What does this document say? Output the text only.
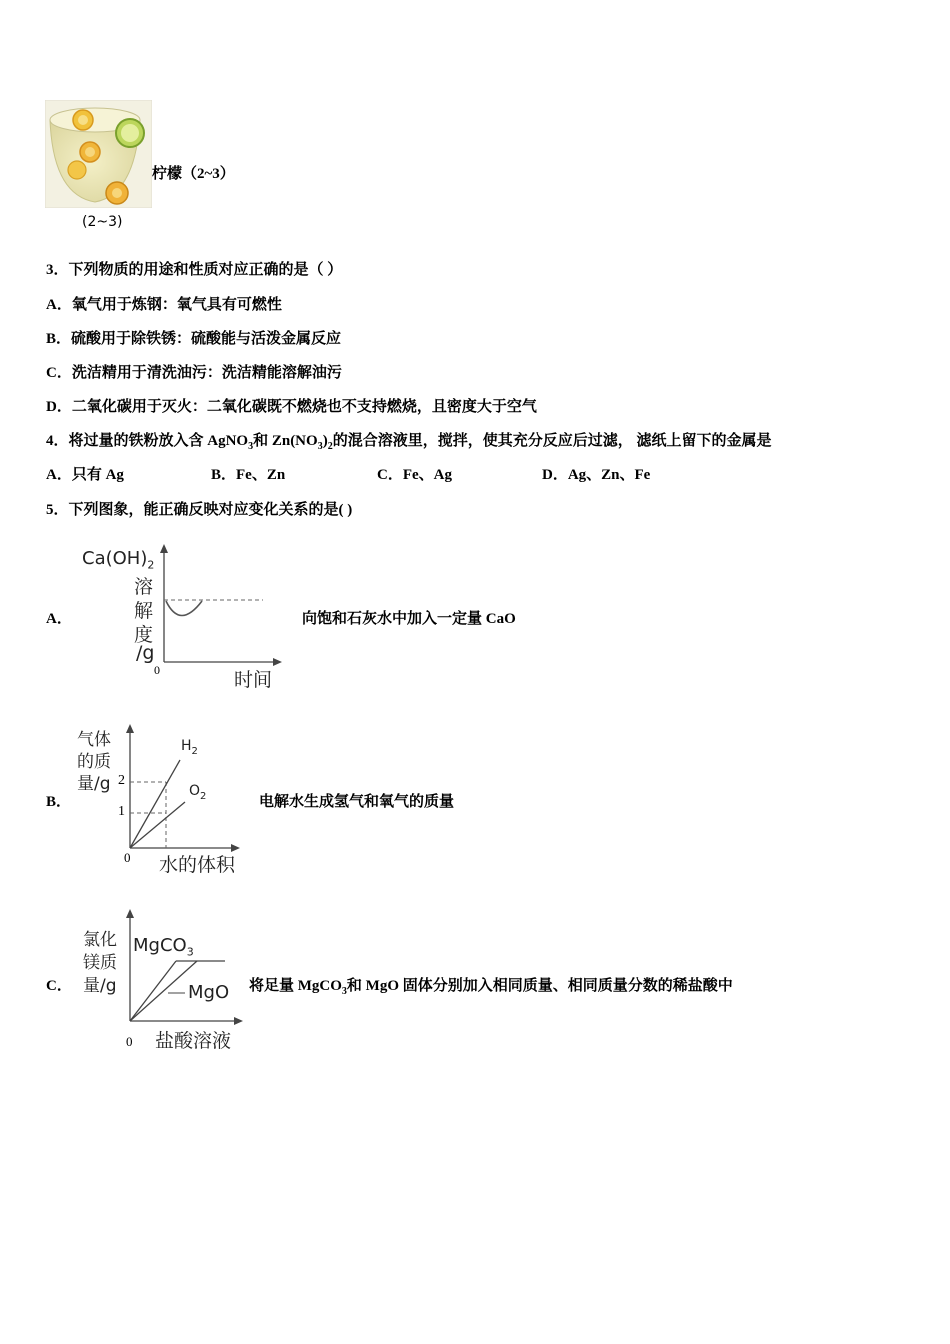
柠檬（2~3）
(2~3)
3．下列物质的用途和性质对应正确的是（ ）
A．氧气用于炼钢：氧气具有可燃性
B．硫酸用于除铁锈：硫酸能与活泼金属反应
C．洗洁精用于清洗油污：洗洁精能溶解油污
D．二氧化碳用于灭火：二氧化碳既不燃烧也不支持燃烧，且密度大于空气
4．将过量的铁粉放入含 AgNO$_3$和 $Zn(NO_3)_2$的混合溶液里，搅拌，使其充分反应后过滤， 滤纸上留下的金属是
A．只有 Ag	B．Fe、Zn	C．Fe、Ag	D．Ag、Zn、Fe
5．下列图象，能正确反映对应变化关系的是( )
A．
$Ca(OH)_2$
溶
解
度
/g
0	时间
向饱和石灰水中加入一定量 CaO
B．
气体
的质
量/g 2
1
$H_2$
$O_2$
0 水的体积
电解水生成氢气和氧气的质量
C．
氯化
镁质
量/g
MgCO$_3$
MgO
0 盐酸溶液
将足量 MgCO$_3$和 MgO 固体分别加入相同质量、相同质量分数的稀盐酸中
